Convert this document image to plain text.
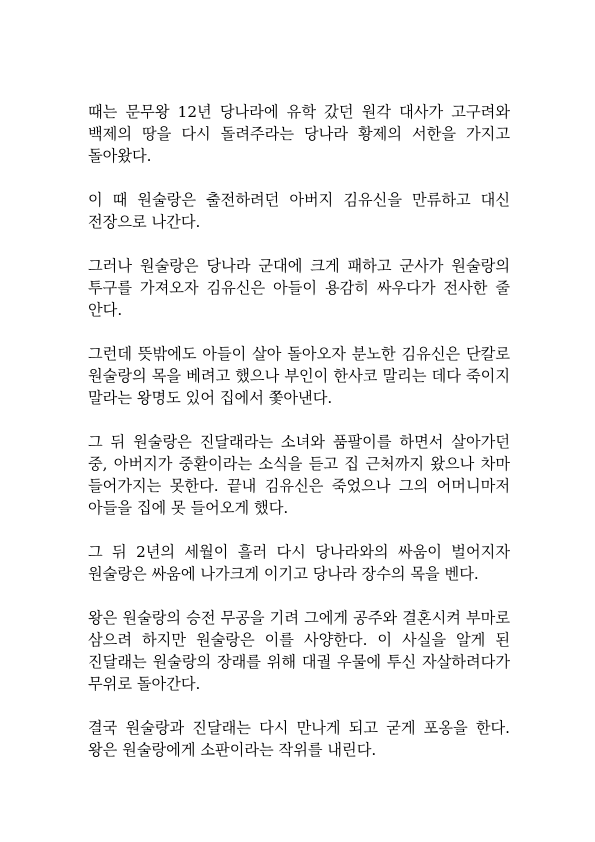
때는 문무왕 12년 당나라에 유학 갔던 원각 대사가 고구려와 백제의 땅을 다시 돌려주라는 당나라 황제의 서한을 가지고 돌아왔다.

이 때 원술랑은 출전하려던 아버지 김유신을 만류하고 대신 전장으로 나간다.

그러나 원술랑은 당나라 군대에 크게 패하고 군사가 원술랑의 투구를 가져오자 김유신은 아들이 용감히 싸우다가 전사한 줄 안다.

그런데 뜻밖에도 아들이 살아 돌아오자 분노한 김유신은 단칼로 원술랑의 목을 베려고 했으나 부인이 한사코 말리는 데다 죽이지 말라는 왕명도 있어 집에서 쫓아낸다.

그 뒤 원술랑은 진달래라는 소녀와 품팔이를 하면서 살아가던 중, 아버지가 중환이라는 소식을 듣고 집 근처까지 왔으나 차마 들어가지는 못한다. 끝내 김유신은 죽었으나 그의 어머니마저 아들을 집에 못 들어오게 했다.

그 뒤 2년의 세월이 흘러 다시 당나라와의 싸움이 벌어지자 원술랑은 싸움에 나가크게 이기고 당나라 장수의 목을 벤다.

왕은 원술랑의 승전 무공을 기려 그에게 공주와 결혼시켜 부마로 삼으려 하지만 원술랑은 이를 사양한다. 이 사실을 알게 된 진달래는 원술랑의 장래를 위해 대궐 우물에 투신 자살하려다가 무위로 돌아간다.

결국 원술랑과 진달래는 다시 만나게 되고 굳게 포옹을 한다. 왕은 원술랑에게 소판이라는 작위를 내린다.
